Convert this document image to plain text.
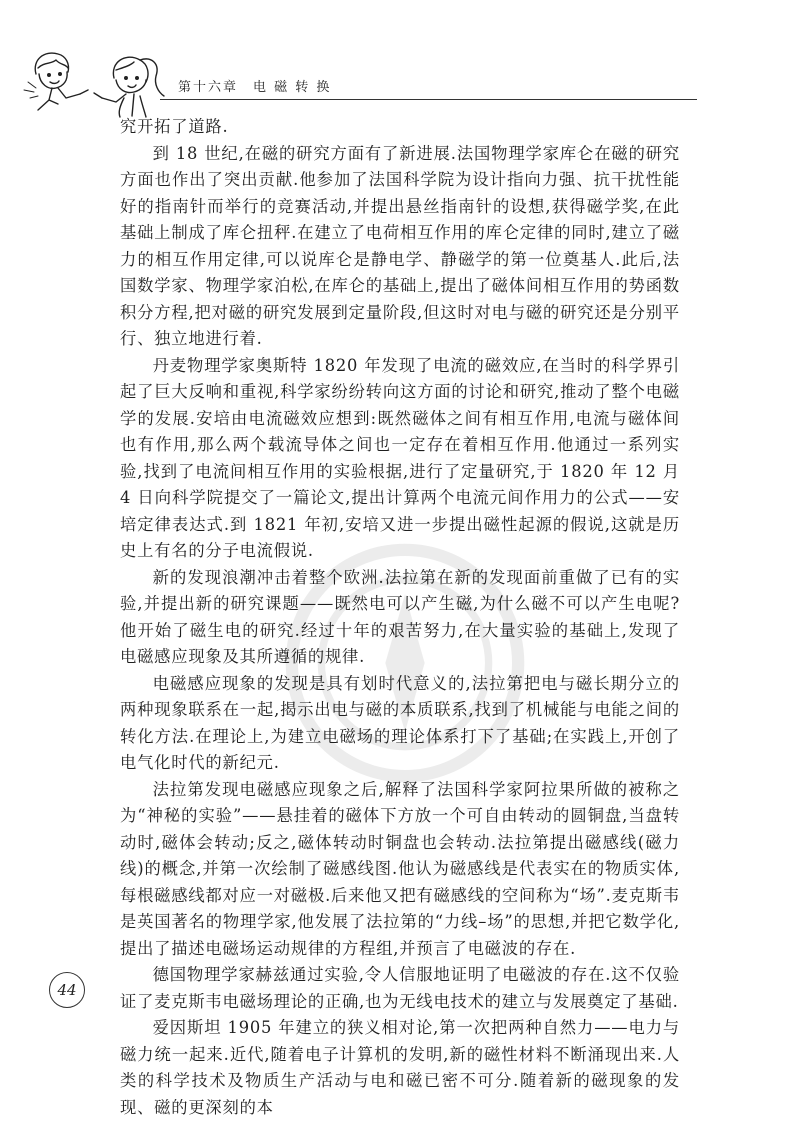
第十六章　电 磁 转 换

究开拓了道路.

到 18 世纪,在磁的研究方面有了新进展.法国物理学家库仑在磁的研究方面也作出了突出贡献.他参加了法国科学院为设计指向力强、抗干扰性能好的指南针而举行的竞赛活动,并提出悬丝指南针的设想,获得磁学奖,在此基础上制成了库仑扭秤.在建立了电荷相互作用的库仑定律的同时,建立了磁力的相互作用定律,可以说库仑是静电学、静磁学的第一位奠基人.此后,法国数学家、物理学家泊松,在库仑的基础上,提出了磁体间相互作用的势函数积分方程,把对磁的研究发展到定量阶段,但这时对电与磁的研究还是分别平行、独立地进行着.

丹麦物理学家奥斯特 1820 年发现了电流的磁效应,在当时的科学界引起了巨大反响和重视,科学家纷纷转向这方面的讨论和研究,推动了整个电磁学的发展.安培由电流磁效应想到:既然磁体之间有相互作用,电流与磁体间也有作用,那么两个载流导体之间也一定存在着相互作用.他通过一系列实验,找到了电流间相互作用的实验根据,进行了定量研究,于 1820 年 12 月 4 日向科学院提交了一篇论文,提出计算两个电流元间作用力的公式——安培定律表达式.到 1821 年初,安培又进一步提出磁性起源的假说,这就是历史上有名的分子电流假说.

新的发现浪潮冲击着整个欧洲.法拉第在新的发现面前重做了已有的实验,并提出新的研究课题——既然电可以产生磁,为什么磁不可以产生电呢?他开始了磁生电的研究.经过十年的艰苦努力,在大量实验的基础上,发现了电磁感应现象及其所遵循的规律.

电磁感应现象的发现是具有划时代意义的,法拉第把电与磁长期分立的两种现象联系在一起,揭示出电与磁的本质联系,找到了机械能与电能之间的转化方法.在理论上,为建立电磁场的理论体系打下了基础;在实践上,开创了电气化时代的新纪元.

法拉第发现电磁感应现象之后,解释了法国科学家阿拉果所做的被称之为“神秘的实验”——悬挂着的磁体下方放一个可自由转动的圆铜盘,当盘转动时,磁体会转动;反之,磁体转动时铜盘也会转动.法拉第提出磁感线(磁力线)的概念,并第一次绘制了磁感线图.他认为磁感线是代表实在的物质实体,每根磁感线都对应一对磁极.后来他又把有磁感线的空间称为“场”.麦克斯韦是英国著名的物理学家,他发展了法拉第的“力线–场”的思想,并把它数学化,提出了描述电磁场运动规律的方程组,并预言了电磁波的存在.

德国物理学家赫兹通过实验,令人信服地证明了电磁波的存在.这不仅验证了麦克斯韦电磁场理论的正确,也为无线电技术的建立与发展奠定了基础.

爱因斯坦 1905 年建立的狭义相对论,第一次把两种自然力——电力与磁力统一起来.近代,随着电子计算机的发明,新的磁性材料不断涌现出来.人类的科学技术及物质生产活动与电和磁已密不可分.随着新的磁现象的发现、磁的更深刻的本

44
